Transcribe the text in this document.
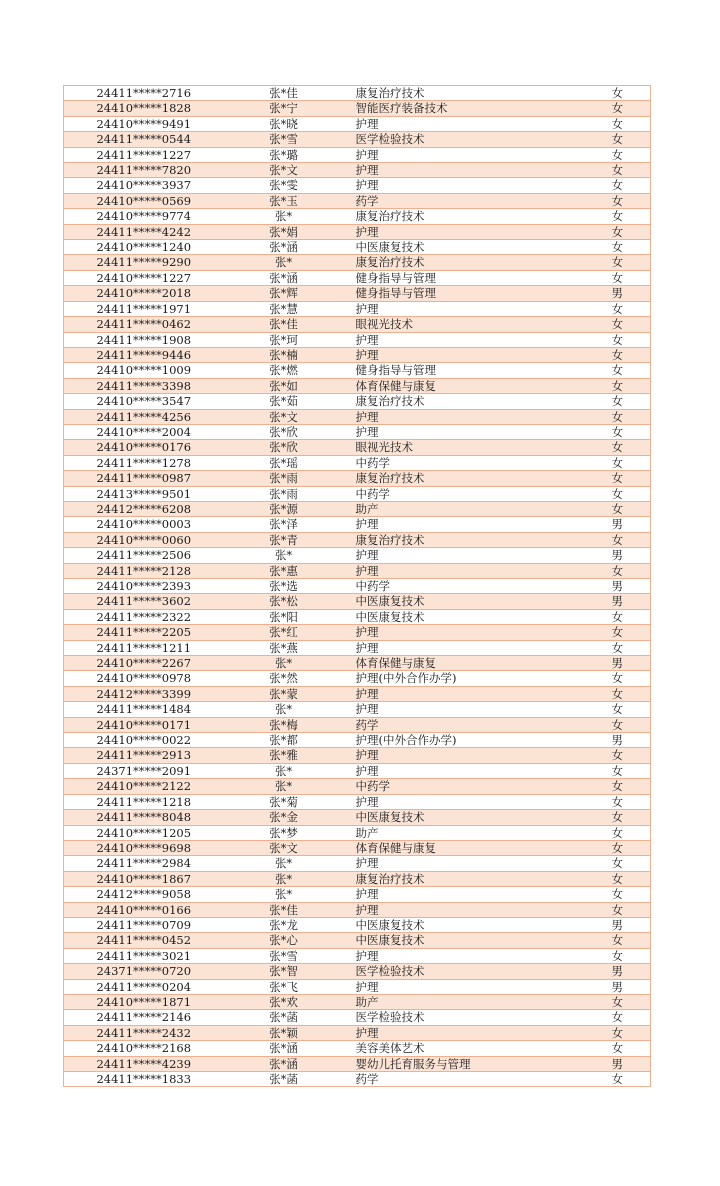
24411*****2716	张*佳	康复治疗技术	女
24410*****1828	张*宁	智能医疗装备技术	女
24410*****9491	张*晓	护理	女
24411*****0544	张*雪	医学检验技术	女
24411*****1227	张*璐	护理	女
24411*****7820	张*文	护理	女
24410*****3937	张*雯	护理	女
24410*****0569	张*玉	药学	女
24410*****9774	张*	康复治疗技术	女
24411*****4242	张*娟	护理	女
24410*****1240	张*涵	中医康复技术	女
24411*****9290	张*	康复治疗技术	女
24410*****1227	张*涵	健身指导与管理	女
24410*****2018	张*辉	健身指导与管理	男
24411*****1971	张*慧	护理	女
24411*****0462	张*佳	眼视光技术	女
24411*****1908	张*珂	护理	女
24411*****9446	张*楠	护理	女
24410*****1009	张*燃	健身指导与管理	女
24411*****3398	张*如	体育保健与康复	女
24410*****3547	张*茹	康复治疗技术	女
24411*****4256	张*文	护理	女
24410*****2004	张*欣	护理	女
24410*****0176	张*欣	眼视光技术	女
24411*****1278	张*瑶	中药学	女
24411*****0987	张*雨	康复治疗技术	女
24413*****9501	张*雨	中药学	女
24412*****6208	张*源	助产	女
24410*****0003	张*泽	护理	男
24410*****0060	张*青	康复治疗技术	女
24411*****2506	张*	护理	男
24411*****2128	张*惠	护理	女
24410*****2393	张*选	中药学	男
24411*****3602	张*松	中医康复技术	男
24411*****2322	张*阳	中医康复技术	女
24411*****2205	张*红	护理	女
24411*****1211	张*燕	护理	女
24410*****2267	张*	体育保健与康复	男
24410*****0978	张*然	护理(中外合作办学)	女
24412*****3399	张*蒙	护理	女
24411*****1484	张*	护理	女
24410*****0171	张*梅	药学	女
24410*****0022	张*都	护理(中外合作办学)	男
24411*****2913	张*雅	护理	女
24371*****2091	张*	护理	女
24410*****2122	张*	中药学	女
24411*****1218	张*菊	护理	女
24411*****8048	张*金	中医康复技术	女
24410*****1205	张*梦	助产	女
24410*****9698	张*文	体育保健与康复	女
24411*****2984	张*	护理	女
24410*****1867	张*	康复治疗技术	女
24412*****9058	张*	护理	女
24410*****0166	张*佳	护理	女
24411*****0709	张*龙	中医康复技术	男
24411*****0452	张*心	中医康复技术	女
24411*****3021	张*雪	护理	女
24371*****0720	张*智	医学检验技术	男
24411*****0204	张*飞	护理	男
24410*****1871	张*欢	助产	女
24411*****2146	张*菡	医学检验技术	女
24411*****2432	张*颖	护理	女
24410*****2168	张*涵	美容美体艺术	女
24411*****4239	张*涵	婴幼儿托育服务与管理	男
24411*****1833	张*菡	药学	女
